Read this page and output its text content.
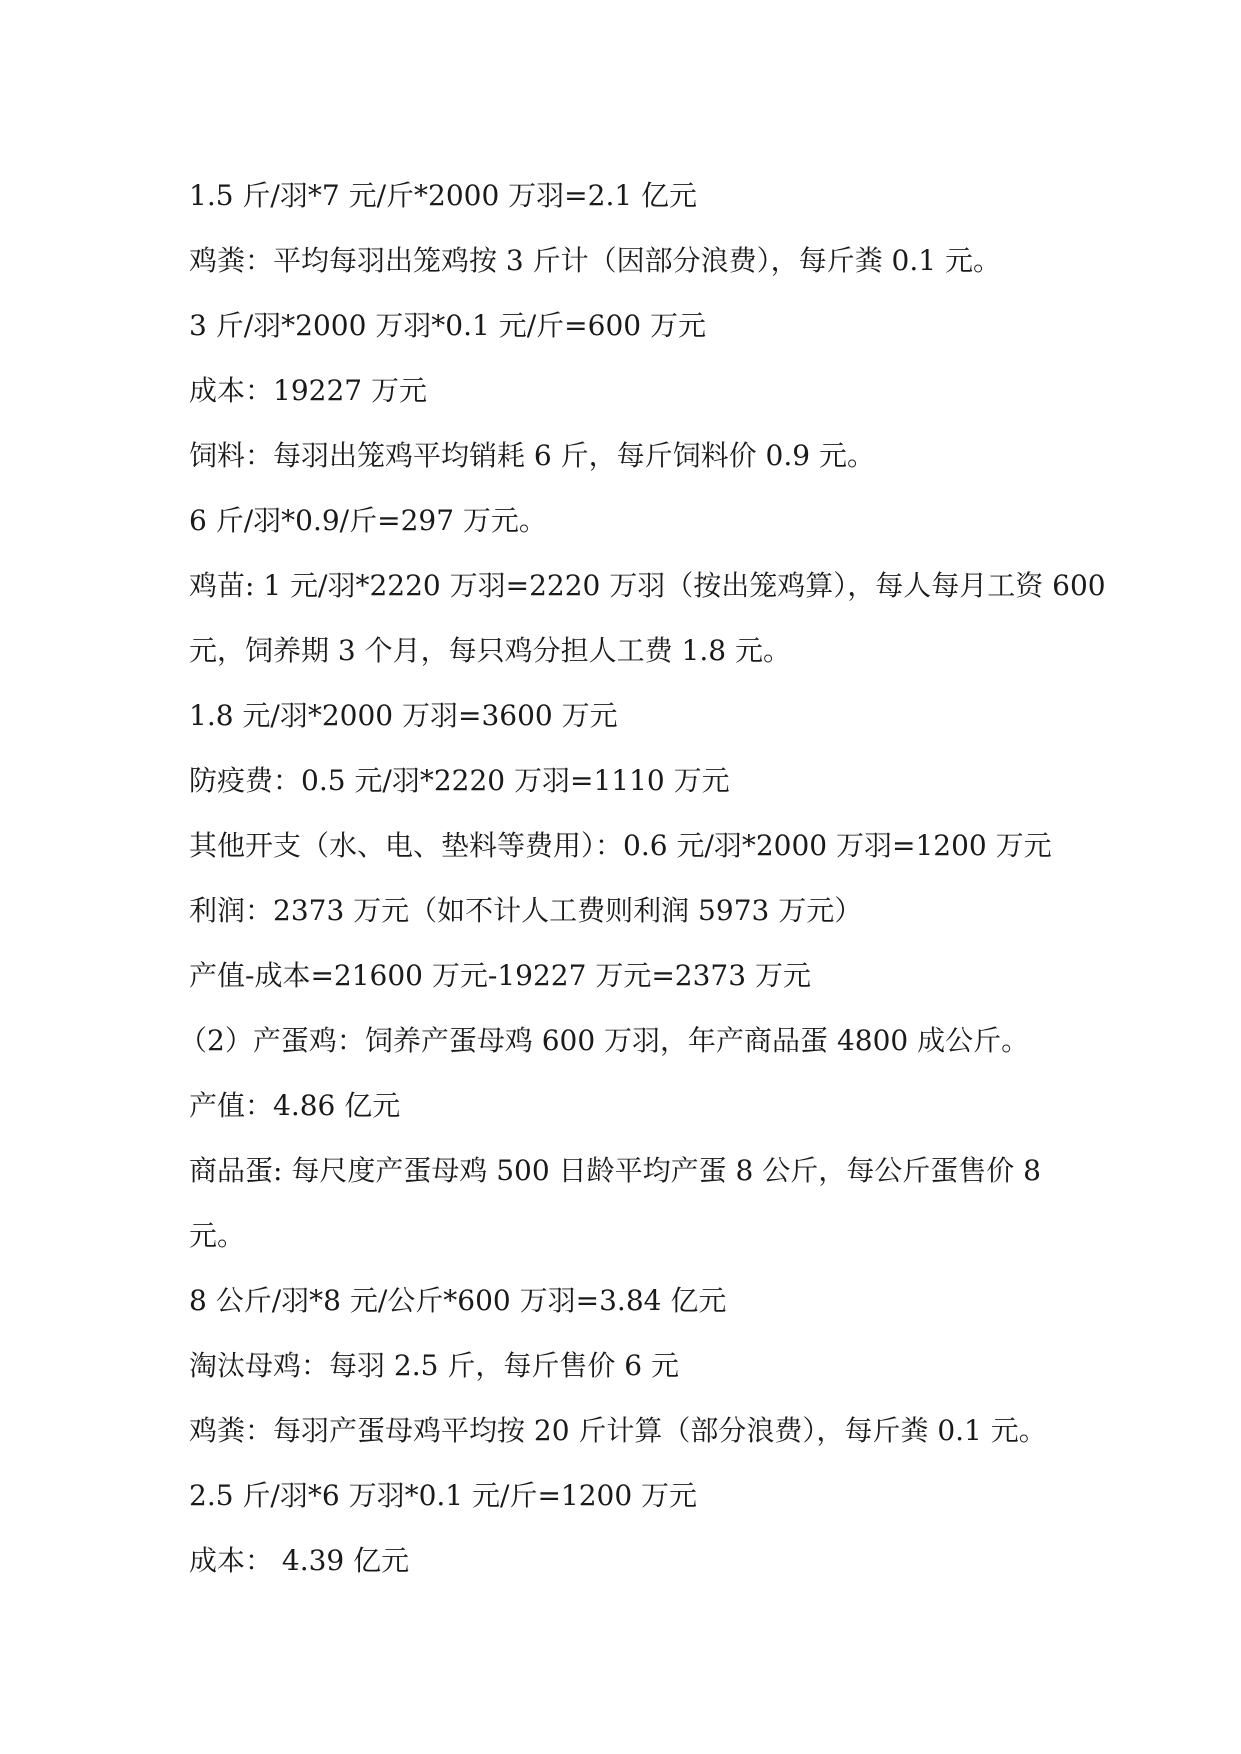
1.5 斤/羽*7 元/斤*2000 万羽=2.1 亿元
鸡粪：平均每羽出笼鸡按 3 斤计（因部分浪费），每斤粪 0.1 元。
3 斤/羽*2000 万羽*0.1 元/斤=600 万元
成本：19227 万元
饲料：每羽出笼鸡平均销耗 6 斤，每斤饲料价 0.9 元。
6 斤/羽*0.9/斤=297 万元。
鸡苗: 1 元/羽*2220 万羽=2220 万羽（按出笼鸡算），每人每月工资 600
元，饲养期 3 个月，每只鸡分担人工费 1.8 元。
1.8 元/羽*2000 万羽=3600 万元
防疫费：0.5 元/羽*2220 万羽=1110 万元
其他开支（水、电、垫料等费用）：0.6 元/羽*2000 万羽=1200 万元
利润：2373 万元（如不计人工费则利润 5973 万元）
产值-成本=21600 万元-19227 万元=2373 万元
（2）产蛋鸡：饲养产蛋母鸡 600 万羽，年产商品蛋 4800 成公斤。
产值：4.86 亿元
商品蛋: 每尺度产蛋母鸡 500 日龄平均产蛋 8 公斤，每公斤蛋售价 8
元。
8 公斤/羽*8 元/公斤*600 万羽=3.84 亿元
淘汰母鸡：每羽 2.5 斤，每斤售价 6 元
鸡粪：每羽产蛋母鸡平均按 20 斤计算（部分浪费），每斤粪 0.1 元。
2.5 斤/羽*6 万羽*0.1 元/斤=1200 万元
成本： 4.39 亿元
